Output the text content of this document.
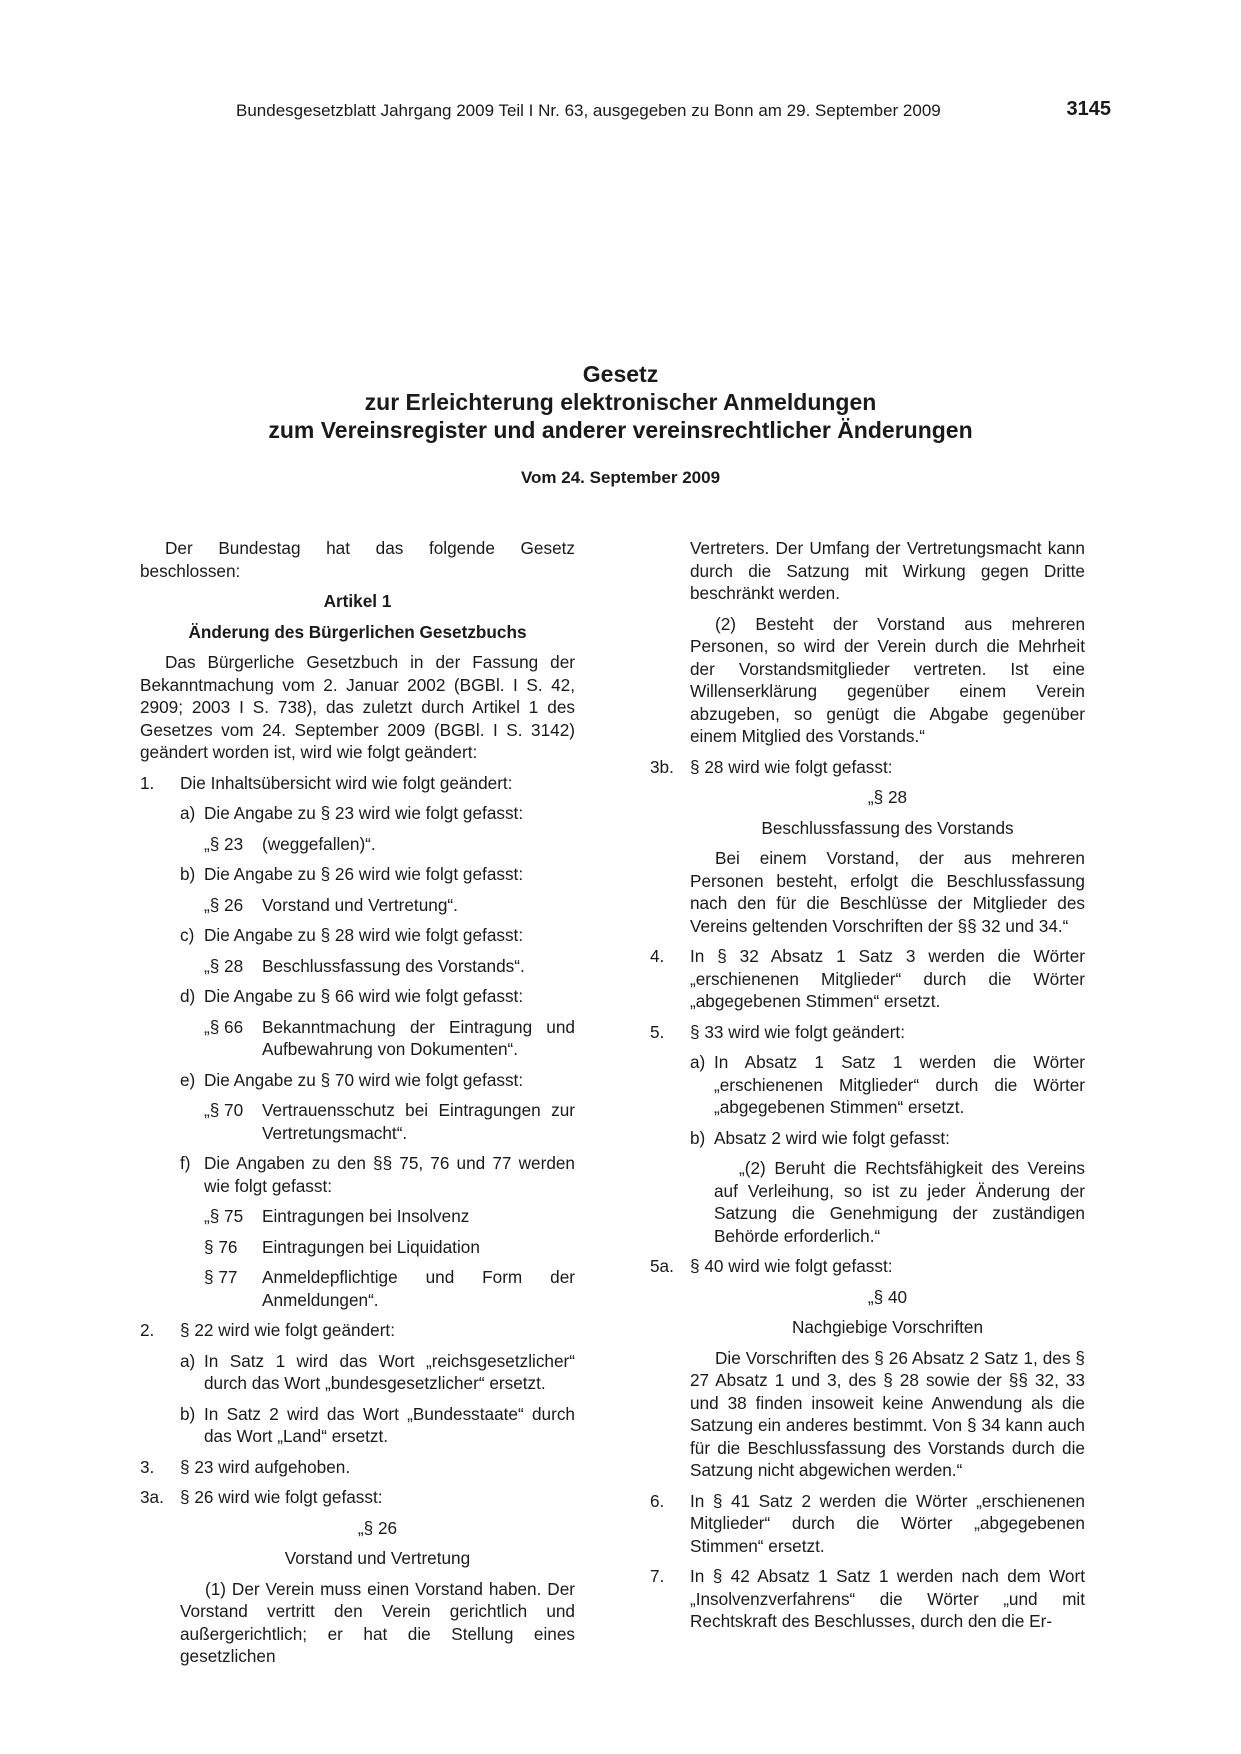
Bundesgesetzblatt Jahrgang 2009 Teil I Nr. 63, ausgegeben zu Bonn am 29. September 2009	3145
Gesetz
zur Erleichterung elektronischer Anmeldungen
zum Vereinsregister und anderer vereinsrechtlicher Änderungen
Vom 24. September 2009

Der Bundestag hat das folgende Gesetz beschlossen:

Artikel 1

Änderung des Bürgerlichen Gesetzbuchs

Das Bürgerliche Gesetzbuch in der Fassung der Bekanntmachung vom 2. Januar 2002 (BGBl. I S. 42, 2909; 2003 I S. 738), das zuletzt durch Artikel 1 des Gesetzes vom 24. September 2009 (BGBl. I S. 3142) geändert worden ist, wird wie folgt geändert:

1. Die Inhaltsübersicht wird wie folgt geändert:
a) Die Angabe zu § 23 wird wie folgt gefasst:
„§ 23 (weggefallen)“.
b) Die Angabe zu § 26 wird wie folgt gefasst:
„§ 26 Vorstand und Vertretung“.
c) Die Angabe zu § 28 wird wie folgt gefasst:
„§ 28 Beschlussfassung des Vorstands“.
d) Die Angabe zu § 66 wird wie folgt gefasst:
„§ 66 Bekanntmachung der Eintragung und Aufbewahrung von Dokumenten“.
e) Die Angabe zu § 70 wird wie folgt gefasst:
„§ 70 Vertrauensschutz bei Eintragungen zur Vertretungsmacht“.
f) Die Angaben zu den §§ 75, 76 und 77 werden wie folgt gefasst:
„§ 75 Eintragungen bei Insolvenz
§ 76 Eintragungen bei Liquidation
§ 77 Anmeldepflichtige und Form der Anmeldungen“.
2. § 22 wird wie folgt geändert:
a) In Satz 1 wird das Wort „reichsgesetzlicher“ durch das Wort „bundesgesetzlicher“ ersetzt.
b) In Satz 2 wird das Wort „Bundesstaate“ durch das Wort „Land“ ersetzt.
3. § 23 wird aufgehoben.
3a. § 26 wird wie folgt gefasst:

„§ 26

Vorstand und Vertretung

(1) Der Verein muss einen Vorstand haben. Der Vorstand vertritt den Verein gerichtlich und außergerichtlich; er hat die Stellung eines gesetzlichen

Vertreters. Der Umfang der Vertretungsmacht kann durch die Satzung mit Wirkung gegen Dritte beschränkt werden.

(2) Besteht der Vorstand aus mehreren Personen, so wird der Verein durch die Mehrheit der Vorstandsmitglieder vertreten. Ist eine Willenserklärung gegenüber einem Verein abzugeben, so genügt die Abgabe gegenüber einem Mitglied des Vorstands.“

3b. § 28 wird wie folgt gefasst:

„§ 28

Beschlussfassung des Vorstands

Bei einem Vorstand, der aus mehreren Personen besteht, erfolgt die Beschlussfassung nach den für die Beschlüsse der Mitglieder des Vereins geltenden Vorschriften der §§ 32 und 34.“

4. In § 32 Absatz 1 Satz 3 werden die Wörter „erschienenen Mitglieder“ durch die Wörter „abgegebenen Stimmen“ ersetzt.
5. § 33 wird wie folgt geändert:
a) In Absatz 1 Satz 1 werden die Wörter „erschienenen Mitglieder“ durch die Wörter „abgegebenen Stimmen“ ersetzt.
b) Absatz 2 wird wie folgt gefasst:

„(2) Beruht die Rechtsfähigkeit des Vereins auf Verleihung, so ist zu jeder Änderung der Satzung die Genehmigung der zuständigen Behörde erforderlich.“

5a. § 40 wird wie folgt gefasst:

„§ 40

Nachgiebige Vorschriften

Die Vorschriften des § 26 Absatz 2 Satz 1, des § 27 Absatz 1 und 3, des § 28 sowie der §§ 32, 33 und 38 finden insoweit keine Anwendung als die Satzung ein anderes bestimmt. Von § 34 kann auch für die Beschlussfassung des Vorstands durch die Satzung nicht abgewichen werden.“

6. In § 41 Satz 2 werden die Wörter „erschienenen Mitglieder“ durch die Wörter „abgegebenen Stimmen“ ersetzt.
7. In § 42 Absatz 1 Satz 1 werden nach dem Wort „Insolvenzverfahrens“ die Wörter „und mit Rechtskraft des Beschlusses, durch den die Er-
